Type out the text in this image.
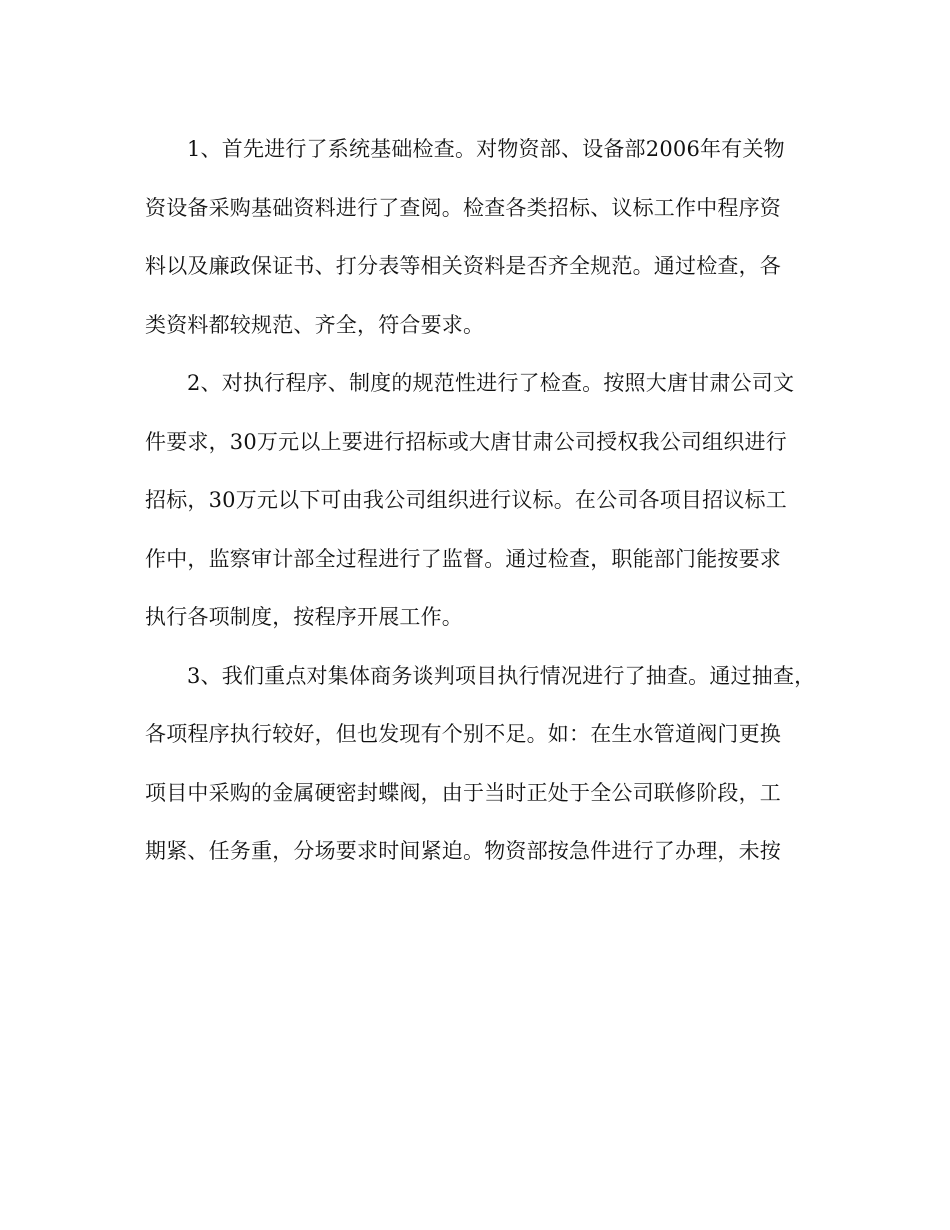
1、首先进行了系统基础检查。对物资部、设备部2006年有关物
资设备采购基础资料进行了查阅。检查各类招标、议标工作中程序资
料以及廉政保证书、打分表等相关资料是否齐全规范。通过检查，各
类资料都较规范、齐全，符合要求。
2、对执行程序、制度的规范性进行了检查。按照大唐甘肃公司文
件要求，30万元以上要进行招标或大唐甘肃公司授权我公司组织进行
招标，30万元以下可由我公司组织进行议标。在公司各项目招议标工
作中，监察审计部全过程进行了监督。通过检查，职能部门能按要求
执行各项制度，按程序开展工作。
3、我们重点对集体商务谈判项目执行情况进行了抽查。通过抽查，
各项程序执行较好，但也发现有个别不足。如：在生水管道阀门更换
项目中采购的金属硬密封蝶阀，由于当时正处于全公司联修阶段，工
期紧、任务重，分场要求时间紧迫。物资部按急件进行了办理，未按
